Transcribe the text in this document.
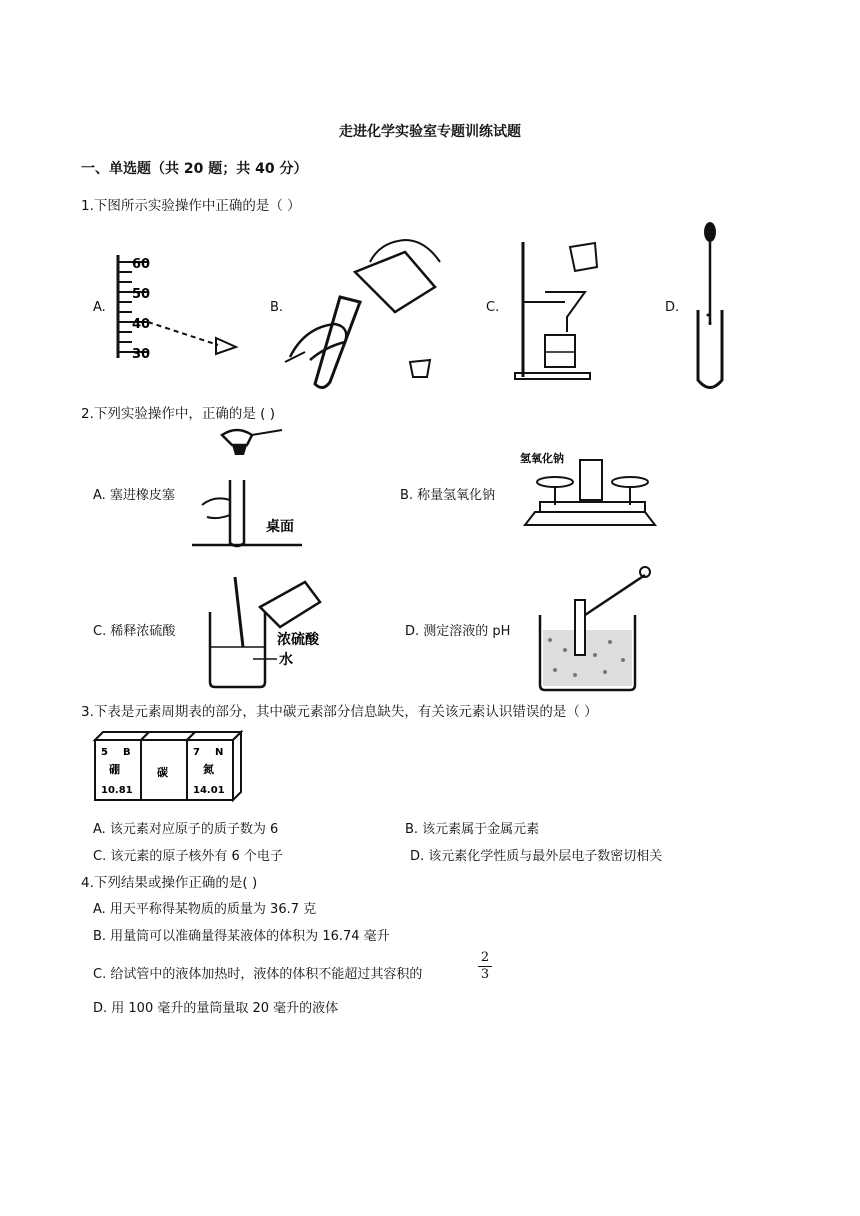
走进化学实验室专题训练试题
一、单选题（共 20 题；共 40 分）
1.下图所示实验操作中正确的是（ ）
A.	B.	C.	D.
60
50
40
30
2.下列实验操作中，正确的是 ( )
A. 塞进橡皮塞	B. 称量氢氧化钠
C. 稀释浓硫酸	D. 测定溶液的 pH
桌面
氢氧化钠
浓硫酸
水
3.下表是元素周期表的部分，其中碳元素部分信息缺失，有关该元素认识错误的是（ ）
5 B
硼
10.81
碳
7 N
氮
14.01
A. 该元素对应原子的质子数为 6	B. 该元素属于金属元素
C. 该元素的原子核外有 6 个电子	D. 该元素化学性质与最外层电子数密切相关
4.下列结果或操作正确的是( )
A. 用天平称得某物质的质量为 36.7 克
B. 用量筒可以准确量得某液体的体积为 16.74 毫升
C. 给试管中的液体加热时，液体的体积不能超过其容积的	$\frac{2}{3}$
D. 用 100 毫升的量筒量取 20 毫升的液体
